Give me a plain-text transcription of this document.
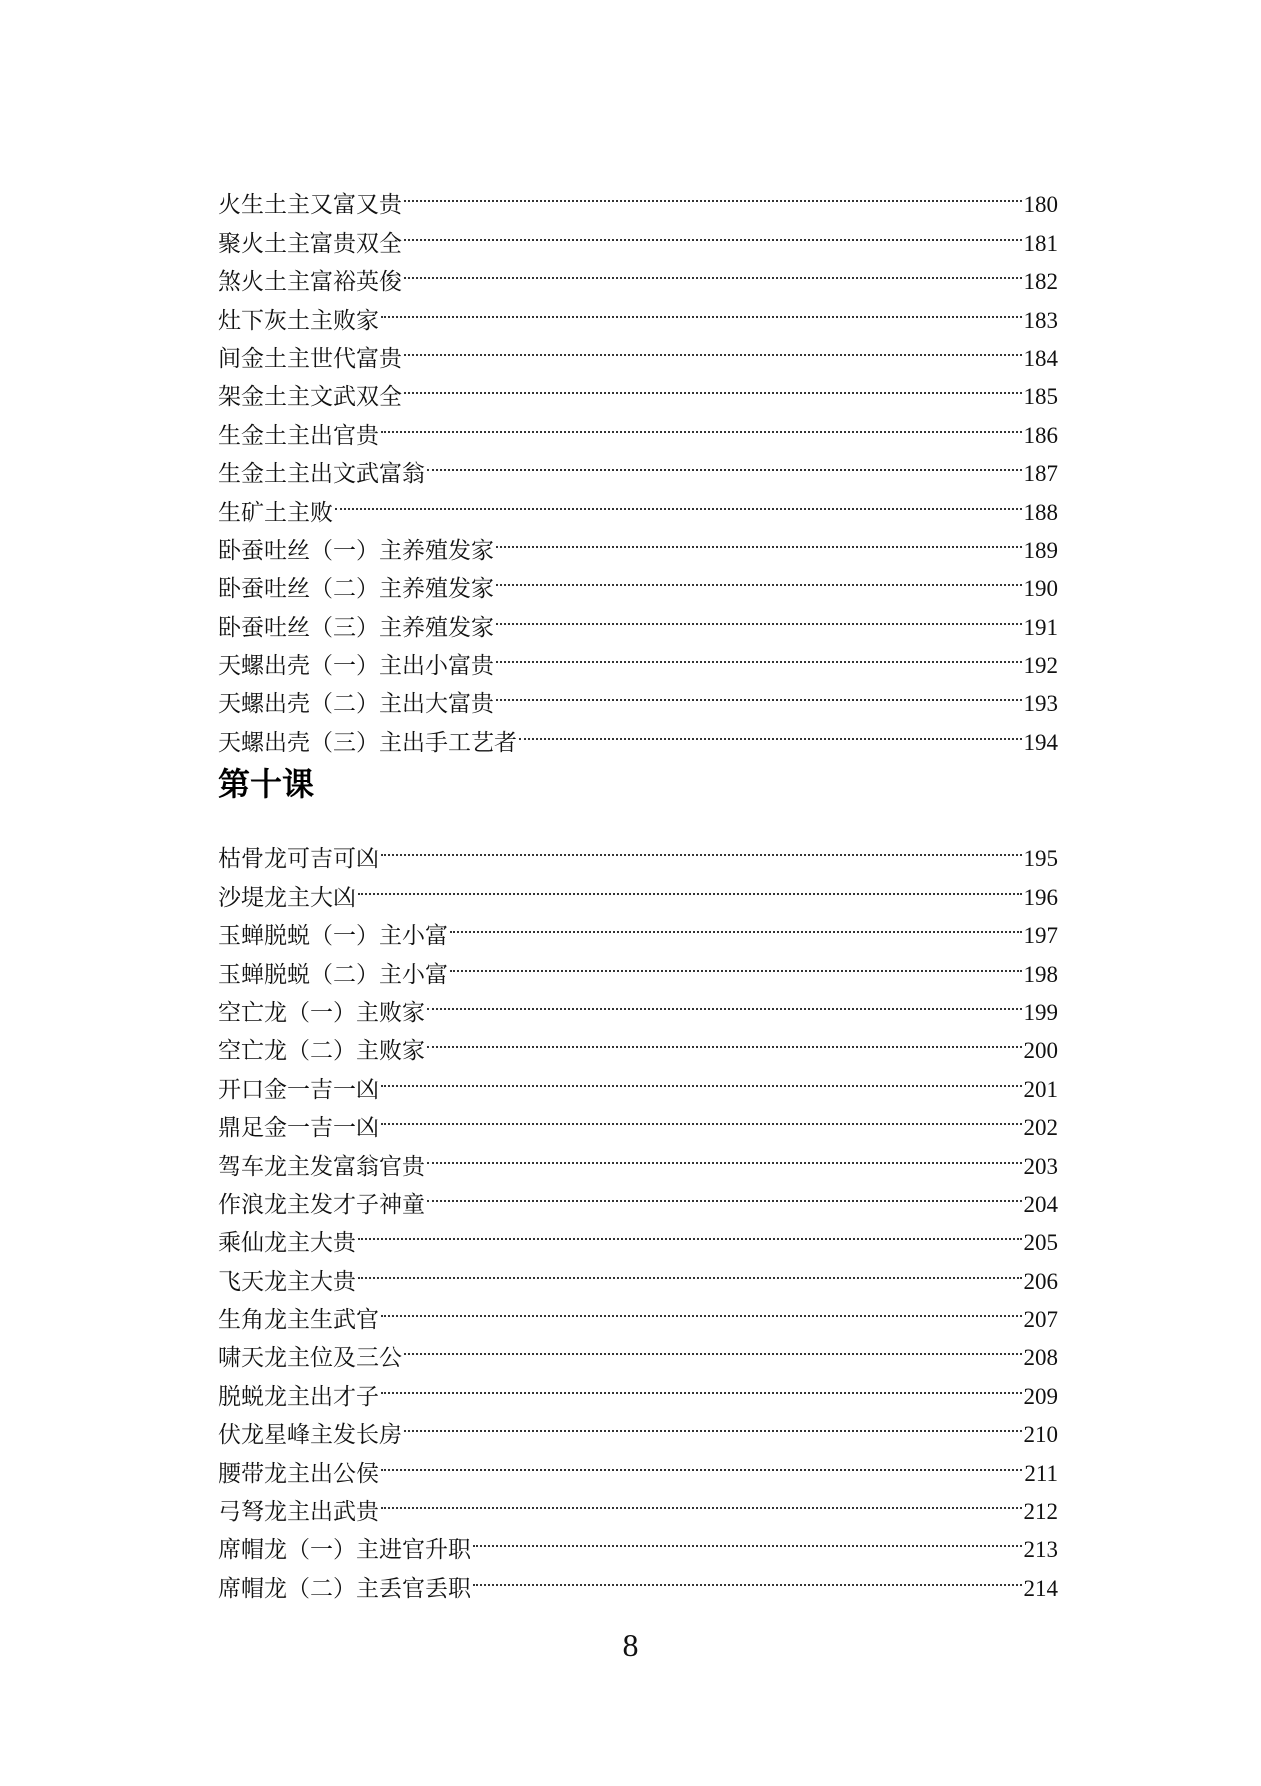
火生土主又富又贵	180
聚火土主富贵双全	181
煞火土主富裕英俊	182
灶下灰土主败家	183
间金土主世代富贵	184
架金土主文武双全	185
生金土主出官贵	186
生金土主出文武富翁	187
生矿土主败	188
卧蚕吐丝（一）主养殖发家	189
卧蚕吐丝（二）主养殖发家	190
卧蚕吐丝（三）主养殖发家	191
天螺出壳（一）主出小富贵	192
天螺出壳（二）主出大富贵	193
天螺出壳（三）主出手工艺者	194
第十课
枯骨龙可吉可凶	195
沙堤龙主大凶	196
玉蝉脱蜕（一）主小富	197
玉蝉脱蜕（二）主小富	198
空亡龙（一）主败家	199
空亡龙（二）主败家	200
开口金一吉一凶	201
鼎足金一吉一凶	202
驾车龙主发富翁官贵	203
作浪龙主发才子神童	204
乘仙龙主大贵	205
飞天龙主大贵	206
生角龙主生武官	207
啸天龙主位及三公	208
脱蜕龙主出才子	209
伏龙星峰主发长房	210
腰带龙主出公侯	211
弓弩龙主出武贵	212
席帽龙（一）主进官升职	213
席帽龙（二）主丢官丢职	214
8
